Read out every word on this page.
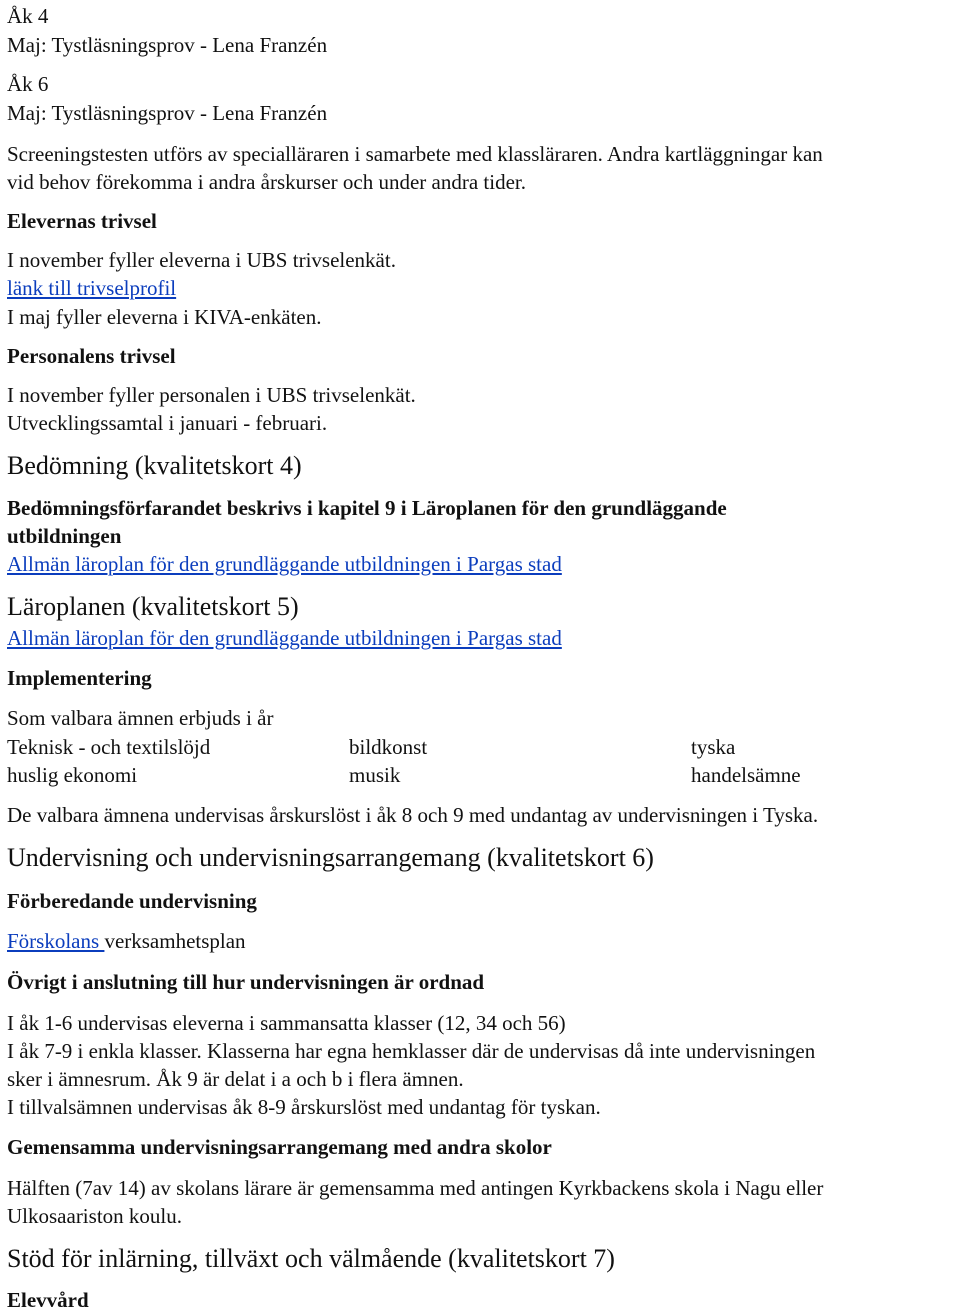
Åk 4
Maj: Tystläsningsprov - Lena Franzén
Åk 6
Maj: Tystläsningsprov - Lena Franzén
Screeningstesten utförs av specialläraren i samarbete med klassläraren. Andra kartläggningar kan
vid behov förekomma i andra årskurser och under andra tider.
Elevernas trivsel
I november fyller eleverna i UBS trivselenkät.
länk till trivselprofil
I maj fyller eleverna i KIVA-enkäten.
Personalens trivsel
I november fyller personalen i UBS trivselenkät.
Utvecklingssamtal i januari - februari.
Bedömning (kvalitetskort 4)
Bedömningsförfarandet beskrivs i kapitel 9 i Läroplanen för den grundläggande
utbildningen
Allmän läroplan för den grundläggande utbildningen i Pargas stad
Läroplanen (kvalitetskort 5)
Allmän läroplan för den grundläggande utbildningen i Pargas stad
Implementering
Som valbara ämnen erbjuds i år
Teknisk - och textilslöjd	bildkonst	tyska
huslig ekonomi	musik	handelsämne
De valbara ämnena undervisas årskurslöst i åk 8 och 9 med undantag av undervisningen i Tyska.
Undervisning och undervisningsarrangemang (kvalitetskort 6)
Förberedande undervisning
Förskolans verksamhetsplan
Övrigt i anslutning till hur undervisningen är ordnad
I åk 1-6 undervisas eleverna i sammansatta klasser (12, 34 och 56)
I åk 7-9 i enkla klasser. Klasserna har egna hemklasser där de undervisas då inte undervisningen
sker i ämnesrum. Åk 9 är delat i a och b i flera ämnen.
I tillvalsämnen undervisas åk 8-9 årskurslöst med undantag för tyskan.
Gemensamma undervisningsarrangemang med andra skolor
Hälften (7av 14) av skolans lärare är gemensamma med antingen Kyrkbackens skola i Nagu eller
Ulkosaariston koulu.
Stöd för inlärning, tillväxt och välmående (kvalitetskort 7)
Elevvård
